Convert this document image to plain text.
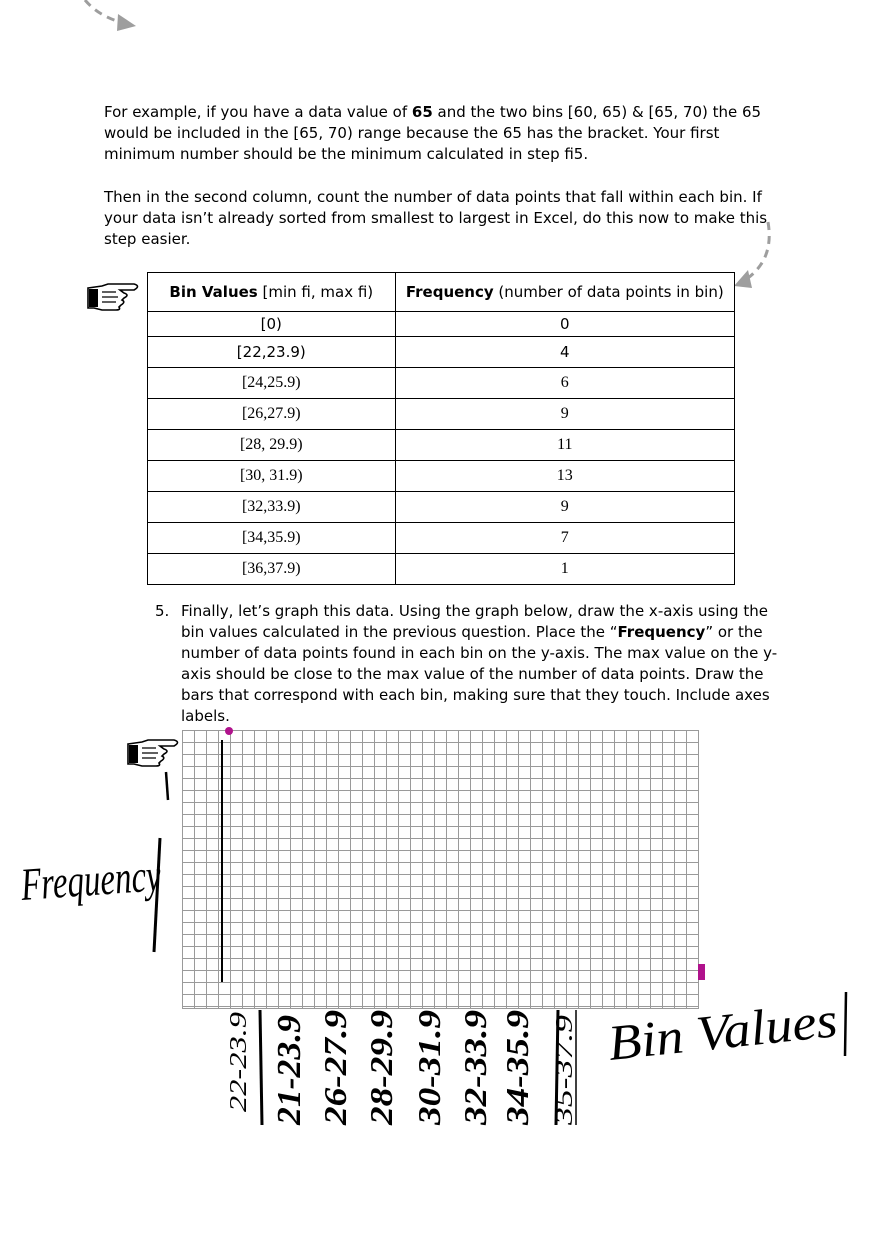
For example, if you have a data value of 65 and the two bins [60, 65) & [65, 70) the 65 would be included in the [65, 70) range because the 65 has the bracket. Your first minimum number should be the minimum calculated in step fi5.

Then in the second column, count the number of data points that fall within each bin. If your data isn’t already sorted from smallest to largest in Excel, do this now to make this step easier.

Bin Values [min fi, max fi)	Frequency (number of data points in bin)
[0)	0
[22,23.9)	4
[24,25.9)	6
[26,27.9)	9
[28, 29.9)	11
[30, 31.9)	13
[32,33.9)	9
[34,35.9)	7
[36,37.9)	1
5. Finally, let’s graph this data. Using the graph below, draw the x-axis using the bin values calculated in the previous question. Place the “Frequency” or the number of data points found in each bin on the y-axis. The max value on the y-axis should be close to the max value of the number of data points. Draw the bars that correspond with each bin, making sure that they touch. Include axes labels.
Frequency
Bin Values
22-23.9 21-23.9 26-27.9 28-29.9 30-31.9 32-33.9 34-35.9 35-37.9
